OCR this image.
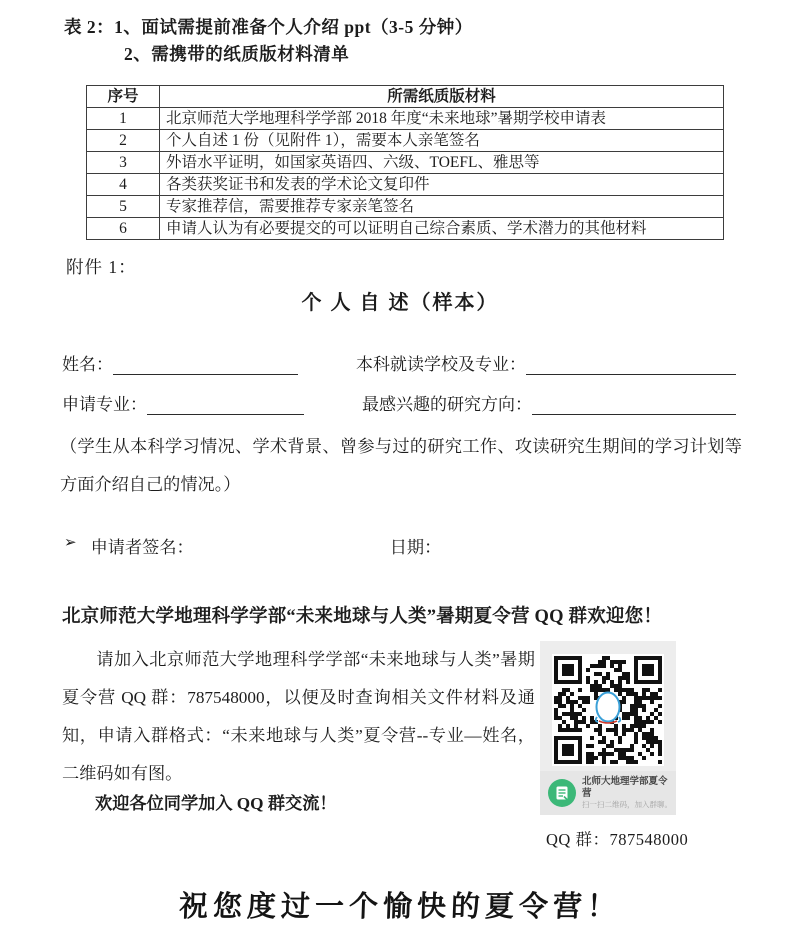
表 2：1、面试需提前准备个人介绍 ppt（3-5 分钟）
2、需携带的纸质版材料清单
序号	所需纸质版材料
1	北京师范大学地理科学学部 2018 年度“未来地球”暑期学校申请表
2	个人自述 1 份（见附件 1），需要本人亲笔签名
3	外语水平证明，如国家英语四、六级、TOEFL、雅思等
4	各类获奖证书和发表的学术论文复印件
5	专家推荐信，需要推荐专家亲笔签名
6	申请人认为有必要提交的可以证明自己综合素质、学术潜力的其他材料
附件 1：
个 人 自 述（样本）
姓名：	本科就读学校及专业：
申请专业：	最感兴趣的研究方向：
（学生从本科学习情况、学术背景、曾参与过的研究工作、攻读研究生期间的学习计划等方面介绍自己的情况。）
➢ 申请者签名：	日期：
北京师范大学地理科学学部“未来地球与人类”暑期夏令营 QQ 群欢迎您！
请加入北京师范大学地理科学学部“未来地球与人类”暑期夏令营 QQ 群：787548000，以便及时查询相关文件材料及通知，申请入群格式：“未来地球与人类”夏令营--专业—姓名，二维码如有图。
欢迎各位同学加入 QQ 群交流！
北师大地理学部夏令营
扫一扫二维码，加入群聊。
QQ 群：787548000
祝您度过一个愉快的夏令营！
